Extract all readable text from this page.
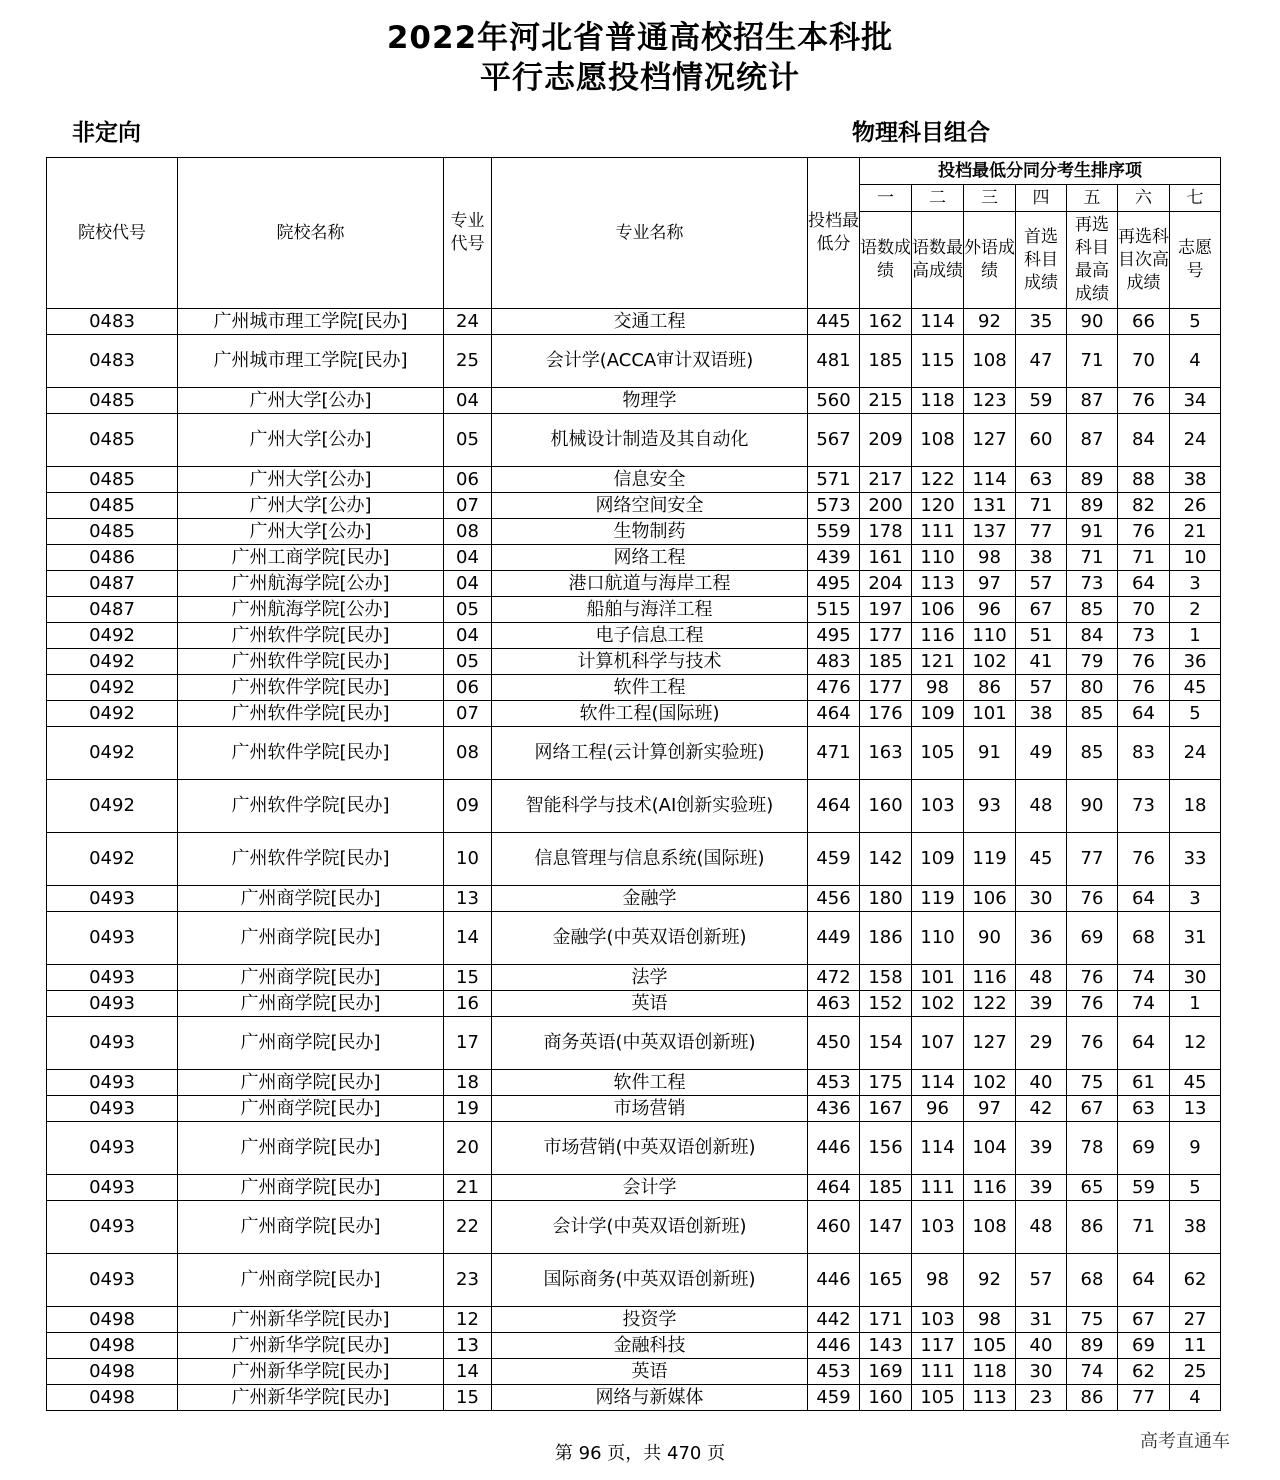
2022年河北省普通高校招生本科批
平行志愿投档情况统计
非定向	物理科目组合
院校代号	院校名称	专业代号	专业名称	投档最低分	投档最低分同分考生排序项						
					一	二	三	四	五	六	七
					语数成绩	语数最高成绩	外语成绩	首选科目成绩	再选科目最高成绩	再选科目次高成绩	志愿号
0483	广州城市理工学院[民办]	24	交通工程	445	162	114	92	35	90	66	5
0483	广州城市理工学院[民办]	25	会计学(ACCA审计双语班)	481	185	115	108	47	71	70	4
0485	广州大学[公办]	04	物理学	560	215	118	123	59	87	76	34
0485	广州大学[公办]	05	机械设计制造及其自动化	567	209	108	127	60	87	84	24
0485	广州大学[公办]	06	信息安全	571	217	122	114	63	89	88	38
0485	广州大学[公办]	07	网络空间安全	573	200	120	131	71	89	82	26
0485	广州大学[公办]	08	生物制药	559	178	111	137	77	91	76	21
0486	广州工商学院[民办]	04	网络工程	439	161	110	98	38	71	71	10
0487	广州航海学院[公办]	04	港口航道与海岸工程	495	204	113	97	57	73	64	3
0487	广州航海学院[公办]	05	船舶与海洋工程	515	197	106	96	67	85	70	2
0492	广州软件学院[民办]	04	电子信息工程	495	177	116	110	51	84	73	1
0492	广州软件学院[民办]	05	计算机科学与技术	483	185	121	102	41	79	76	36
0492	广州软件学院[民办]	06	软件工程	476	177	98	86	57	80	76	45
0492	广州软件学院[民办]	07	软件工程(国际班)	464	176	109	101	38	85	64	5
0492	广州软件学院[民办]	08	网络工程(云计算创新实验班)	471	163	105	91	49	85	83	24
0492	广州软件学院[民办]	09	智能科学与技术(AI创新实验班)	464	160	103	93	48	90	73	18
0492	广州软件学院[民办]	10	信息管理与信息系统(国际班)	459	142	109	119	45	77	76	33
0493	广州商学院[民办]	13	金融学	456	180	119	106	30	76	64	3
0493	广州商学院[民办]	14	金融学(中英双语创新班)	449	186	110	90	36	69	68	31
0493	广州商学院[民办]	15	法学	472	158	101	116	48	76	74	30
0493	广州商学院[民办]	16	英语	463	152	102	122	39	76	74	1
0493	广州商学院[民办]	17	商务英语(中英双语创新班)	450	154	107	127	29	76	64	12
0493	广州商学院[民办]	18	软件工程	453	175	114	102	40	75	61	45
0493	广州商学院[民办]	19	市场营销	436	167	96	97	42	67	63	13
0493	广州商学院[民办]	20	市场营销(中英双语创新班)	446	156	114	104	39	78	69	9
0493	广州商学院[民办]	21	会计学	464	185	111	116	39	65	59	5
0493	广州商学院[民办]	22	会计学(中英双语创新班)	460	147	103	108	48	86	71	38
0493	广州商学院[民办]	23	国际商务(中英双语创新班)	446	165	98	92	57	68	64	62
0498	广州新华学院[民办]	12	投资学	442	171	103	98	31	75	67	27
0498	广州新华学院[民办]	13	金融科技	446	143	117	105	40	89	69	11
0498	广州新华学院[民办]	14	英语	453	169	111	118	30	74	62	25
0498	广州新华学院[民办]	15	网络与新媒体	459	160	105	113	23	86	77	4
第 96 页，共 470 页
高考直通车
